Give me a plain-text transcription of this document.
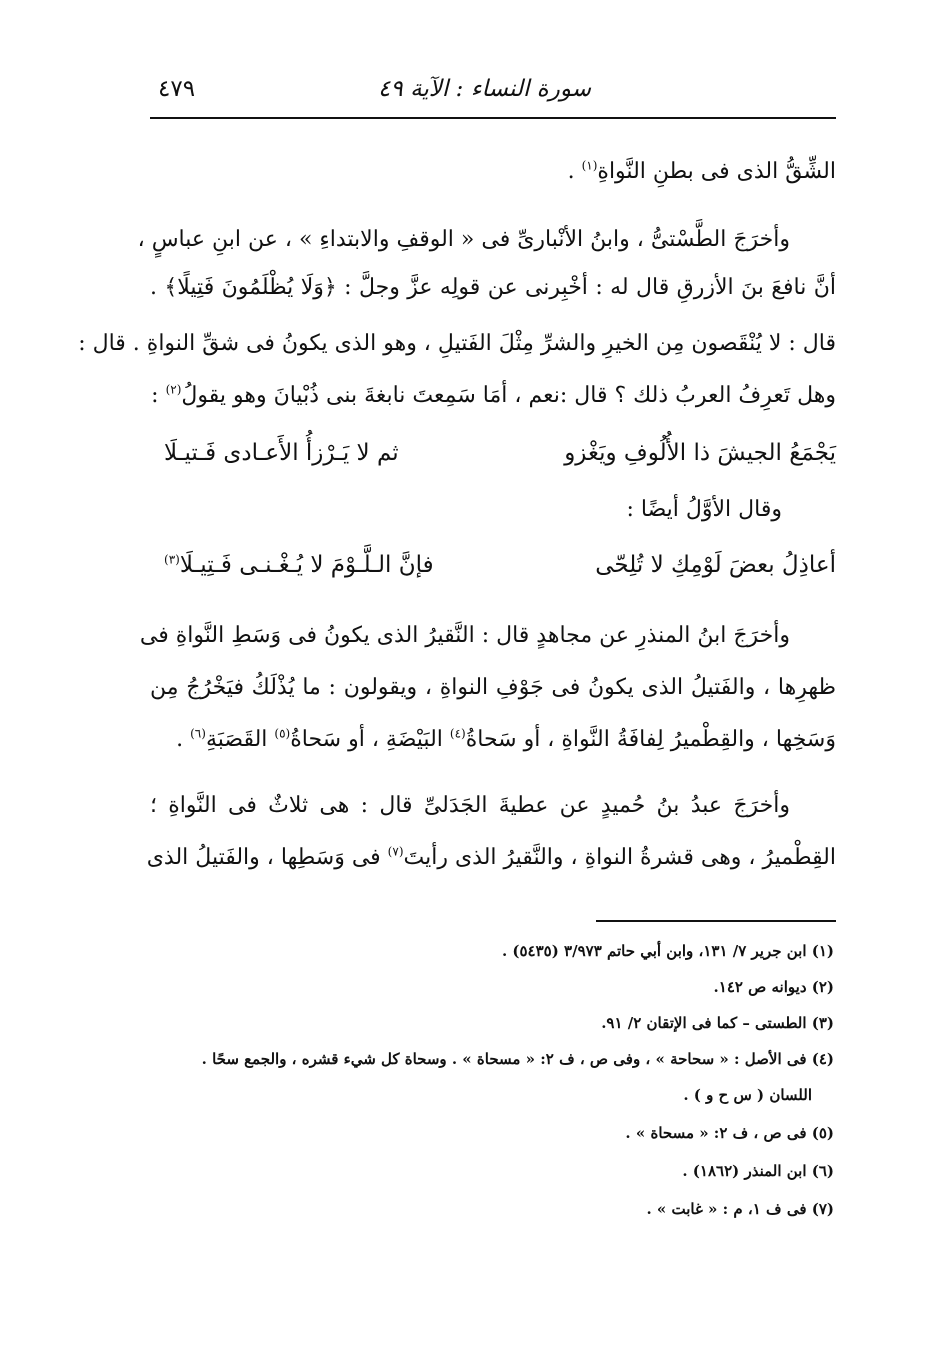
سورة النساء : الآية ٤٩
٤٧٩
الشِّقُّ الذى فى بطنِ النَّواةِ$^{(١)}$ .
وأخرَجَ الطَّسْتىُّ ، وابنُ الأنْبارىِّ فى « الوقفِ والابتداءِ » ، عن ابنِ عباسٍ ،
أنَّ نافعَ بنَ الأزرقِ قال له : أخْبِرنى عن قولِه عزَّ وجلَّ : ﴿وَلَا يُظْلَمُونَ فَتِيلًا﴾ .
قال : لا يُنْقَصون مِن الخيرِ والشرِّ مِثْلَ الفَتيلِ ، وهو الذى يكونُ فى شقِّ النواةِ . قال :
وهل تَعرِفُ العربُ ذلك ؟ قال :نعم ، أمَا سَمِعتَ نابغةَ بنى ذُبْيانَ وهو يقولُ$^{(٢)}$ :
يَجْمَعُ الجيشَ ذا الأُلُوفِ ويَغْزو
ثم لا يَـرْزأُ الأَعـادى فَـتيـلَا
وقال الأوَّلُ أيضًا :
أعاذِلُ بعضَ لَوْمِكِ لا تُلِحّى
فإنَّ الـلَّـوْمَ لا يُـغْـنـى فَـتِيـلَا$^{(٣)}$
وأخرَجَ ابنُ المنذرِ عن مجاهدٍ قال : النَّقيرُ الذى يكونُ فى وَسَطِ النَّواةِ فى
ظهرِها ، والفَتيلُ الذى يكونُ فى جَوْفِ النواةِ ، ويقولون : ما يُذْلَكُ فيَخْرُجُ مِن
وَسَخِها ، والقِطْميرُ لِفافَةُ النَّواةِ ، أو سَحاةُ$^{(٤)}$ البَيْضَةِ ، أو سَحاةُ$^{(٥)}$ القَصَبَةِ$^{(٦)}$ .
وأخرَجَ عبدُ بنُ حُميدٍ عن عطيةَ الجَدَلىِّ قال : هى ثلاثٌ فى النَّواةِ ؛
القِطْميرُ ، وهى قشرةُ النواةِ ، والنَّقيرُ الذى رأيتَ$^{(٧)}$ فى وَسَطِها ، والفَتيلُ الذى
(١) ابن جرير ٧/ ١٣١، وابن أبي حاتم ٣/٩٧٣ (٥٤٣٥) .
(٢) ديوانه ص ١٤٢.
(٣) الطستى – كما فى الإتقان ٢/ ٩١.
(٤) فى الأصل : « سحاحة » ، وفى ص ، ف ٢: « مسحاة » . وسحاة كل شيء قشره ، والجمع سحًا .
اللسان ( س ح و ) .
(٥) فى ص ، ف ٢: « مسحاة » .
(٦) ابن المنذر (١٨٦٢) .
(٧) فى ف ١، م : « غابت » .
